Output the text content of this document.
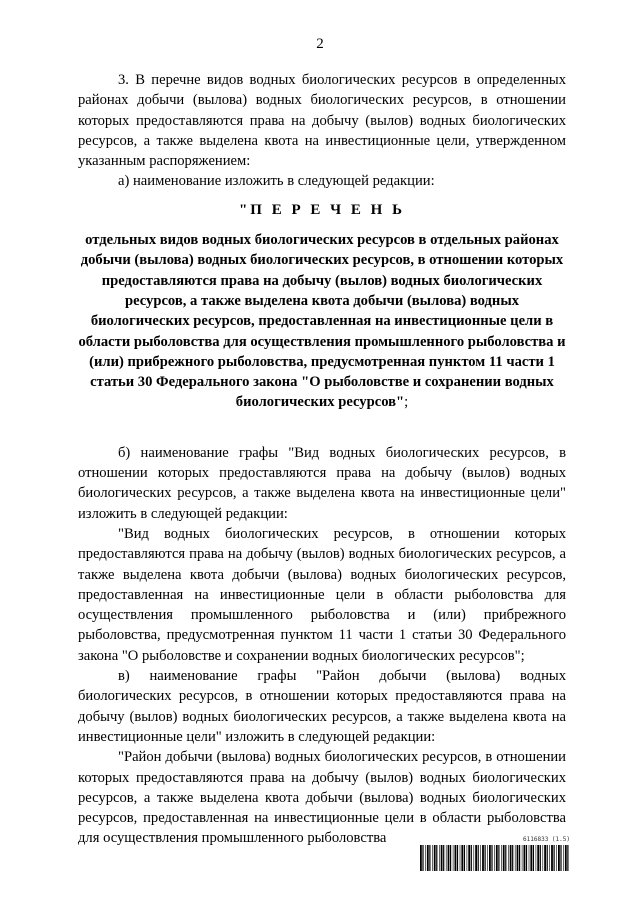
2

3. В перечне видов водных биологических ресурсов в определенных районах добычи (вылова) водных биологических ресурсов, в отношении которых предоставляются права на добычу (вылов) водных биологических ресурсов, а также выделена квота на инвестиционные цели, утвержденном указанным распоряжением:

а) наименование изложить в следующей редакции:

"П Е Р Е Ч Е Н Ь

отдельных видов водных биологических ресурсов в отдельных районах добычи (вылова) водных биологических ресурсов, в отношении которых предоставляются права на добычу (вылов) водных биологических ресурсов, а также выделена квота добычи (вылова) водных биологических ресурсов, предоставленная на инвестиционные цели в области рыболовства для осуществления промышленного рыболовства и (или) прибрежного рыболовства, предусмотренная пунктом 11 части 1 статьи 30 Федерального закона "О рыболовстве и сохранении водных биологических ресурсов";

б) наименование графы "Вид водных биологических ресурсов, в отношении которых предоставляются права на добычу (вылов) водных биологических ресурсов, а также выделена квота на инвестиционные цели" изложить в следующей редакции:

"Вид водных биологических ресурсов, в отношении которых предоставляются права на добычу (вылов) водных биологических ресурсов, а также выделена квота добычи (вылова) водных биологических ресурсов, предоставленная на инвестиционные цели в области рыболовства для осуществления промышленного рыболовства и (или) прибрежного рыболовства, предусмотренная пунктом 11 части 1 статьи 30 Федерального закона "О рыболовстве и сохранении водных биологических ресурсов";

в) наименование графы "Район добычи (вылова) водных биологических ресурсов, в отношении которых предоставляются права на добычу (вылов) водных биологических ресурсов, а также выделена квота на инвестиционные цели" изложить в следующей редакции:

"Район добычи (вылова) водных биологических ресурсов, в отношении которых предоставляются права на добычу (вылов) водных биологических ресурсов, а также выделена квота добычи (вылова) водных биологических ресурсов, предоставленная на инвестиционные цели в области рыболовства для осуществления промышленного рыболовства	6116833 (1.5)
